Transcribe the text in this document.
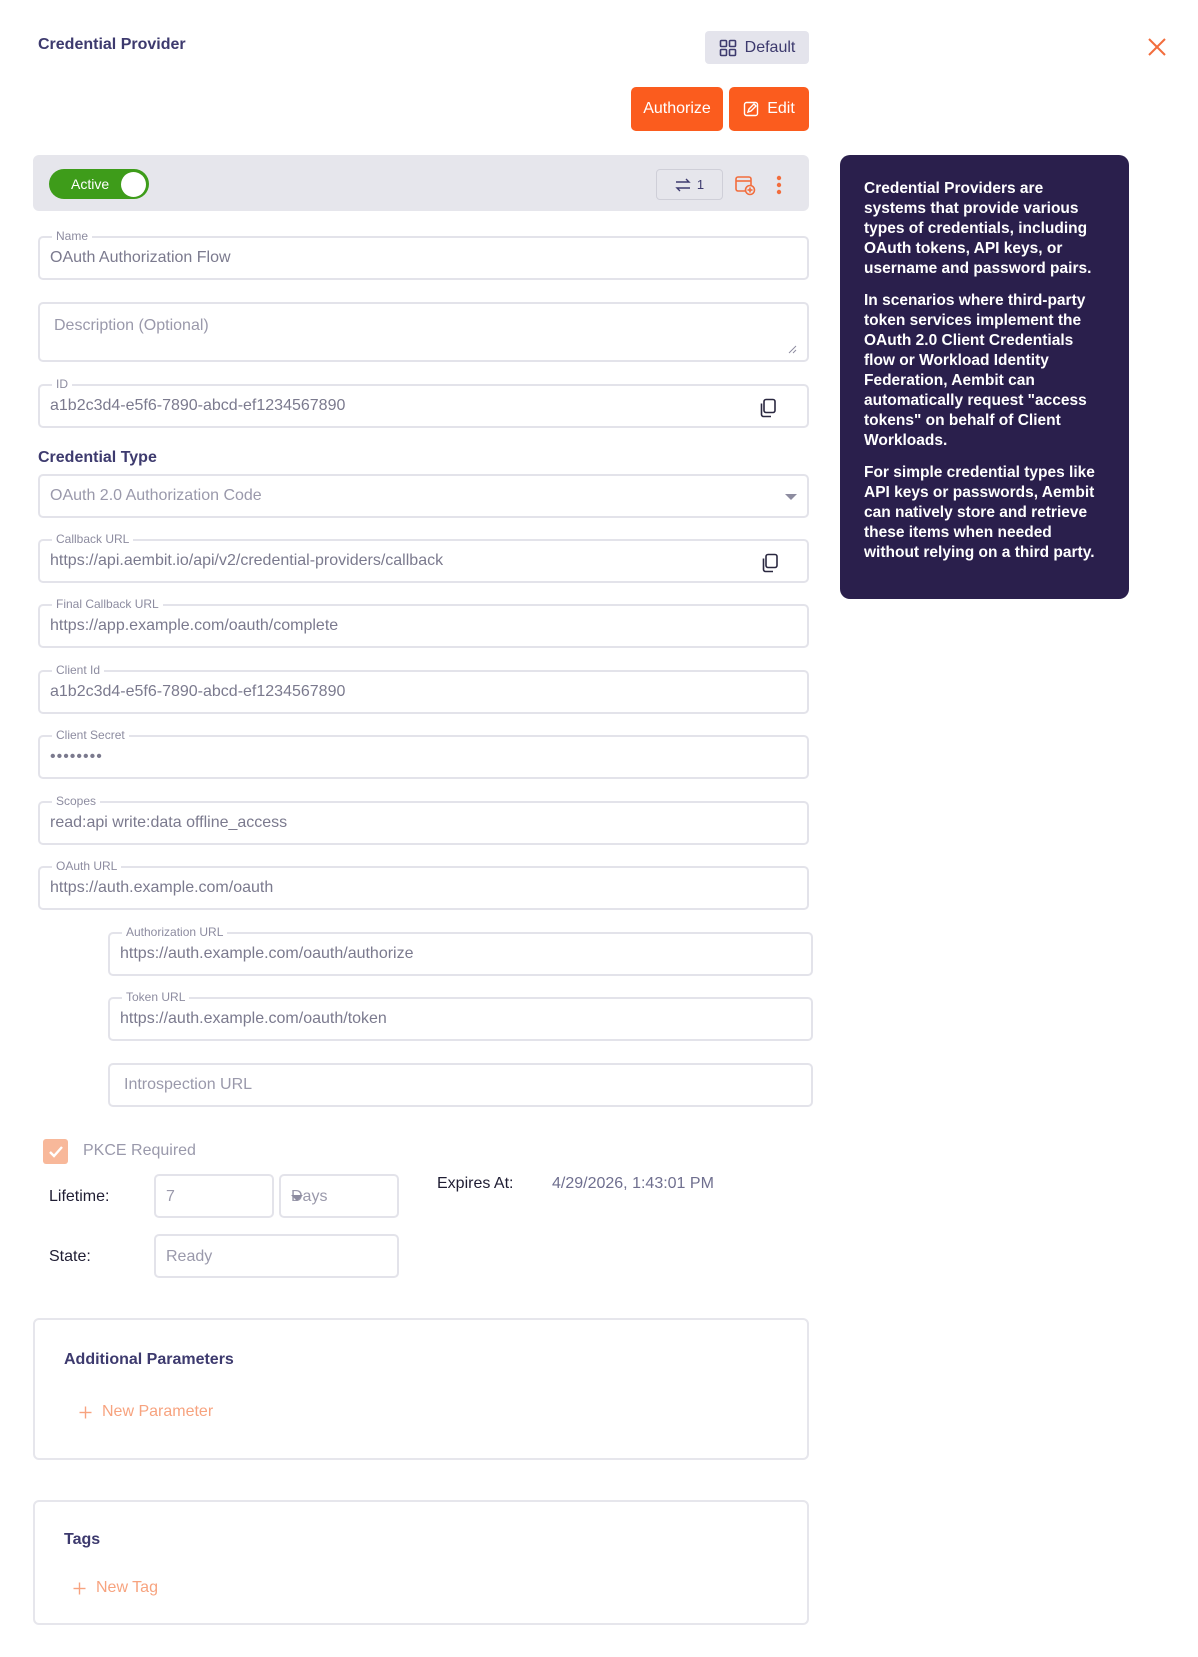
Credential Provider	Default
Authorize	Edit
Active	1	Credential Providers are systems that provide various types of credentials, including OAuth tokens, API keys, or username and password pairs.

In scenarios where third-party token services implement the OAuth 2.0 Client Credentials flow or Workload Identity Federation, Aembit can automatically request "access tokens" on behalf of Client Workloads.

For simple credential types like API keys or passwords, Aembit can natively store and retrieve these items when needed without relying on a third party.

Name
OAuth Authorization Flow
Description (Optional)
ID
a1b2c3d4-e5f6-7890-abcd-ef1234567890
Credential Type
OAuth 2.0 Authorization Code
Callback URL
https://api.aembit.io/api/v2/credential-providers/callback
Final Callback URL
https://app.example.com/oauth/complete
Client Id
a1b2c3d4-e5f6-7890-abcd-ef1234567890
Client Secret
••••••••
Scopes
read:api write:data offline_access
OAuth URL
https://auth.example.com/oauth
Authorization URL
https://auth.example.com/oauth/authorize
Token URL
https://auth.example.com/oauth/token
Introspection URL
PKCE Required
Lifetime:	7	Days
Expires At: 4/29/2026, 1:43:01 PM
State:	Ready
Additional Parameters
New Parameter
Tags
New Tag
